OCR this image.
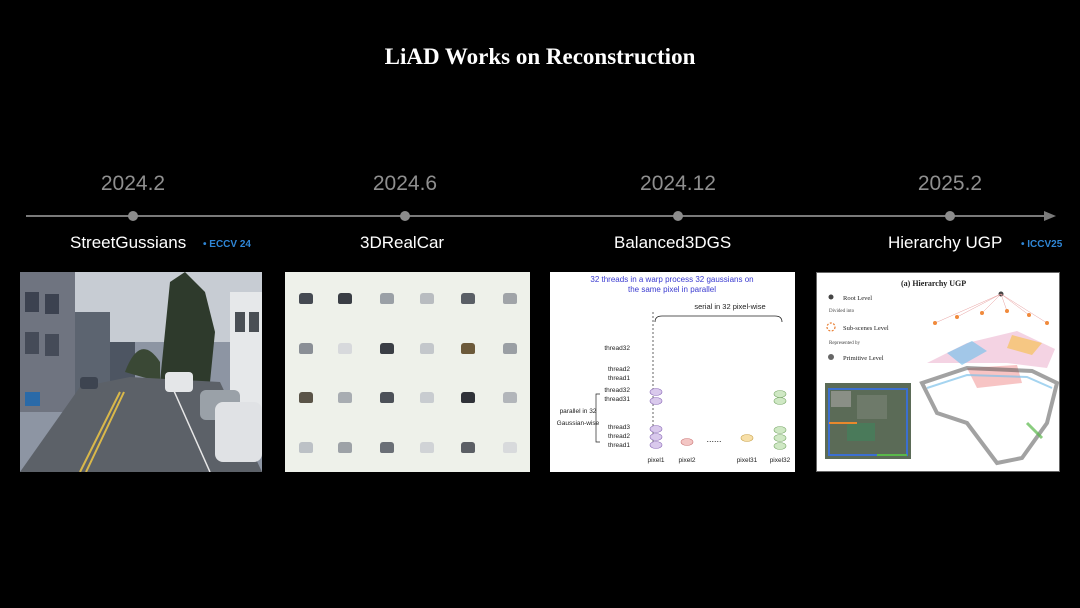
LiAD Works on Reconstruction
2024.2	2024.6	2024.12	2025.2
StreetGussians • ECCV 24	3DRealCar	Balanced3DGS	Hierarchy UGP • ICCV25
32 threads in a warp process 32 gaussians on
the same pixel in parallel
serial in 32 pixel-wise
thread32
thread2
thread1
thread32
thread31
thread3
thread2
thread1
parallel in 32
Gaussian-wise
......
pixel1 pixel2	pixel31 pixel32
(a) Hierarchy UGP
Root Level
Divided into
Sub-scenes Level
Represented by
Primitive Level
